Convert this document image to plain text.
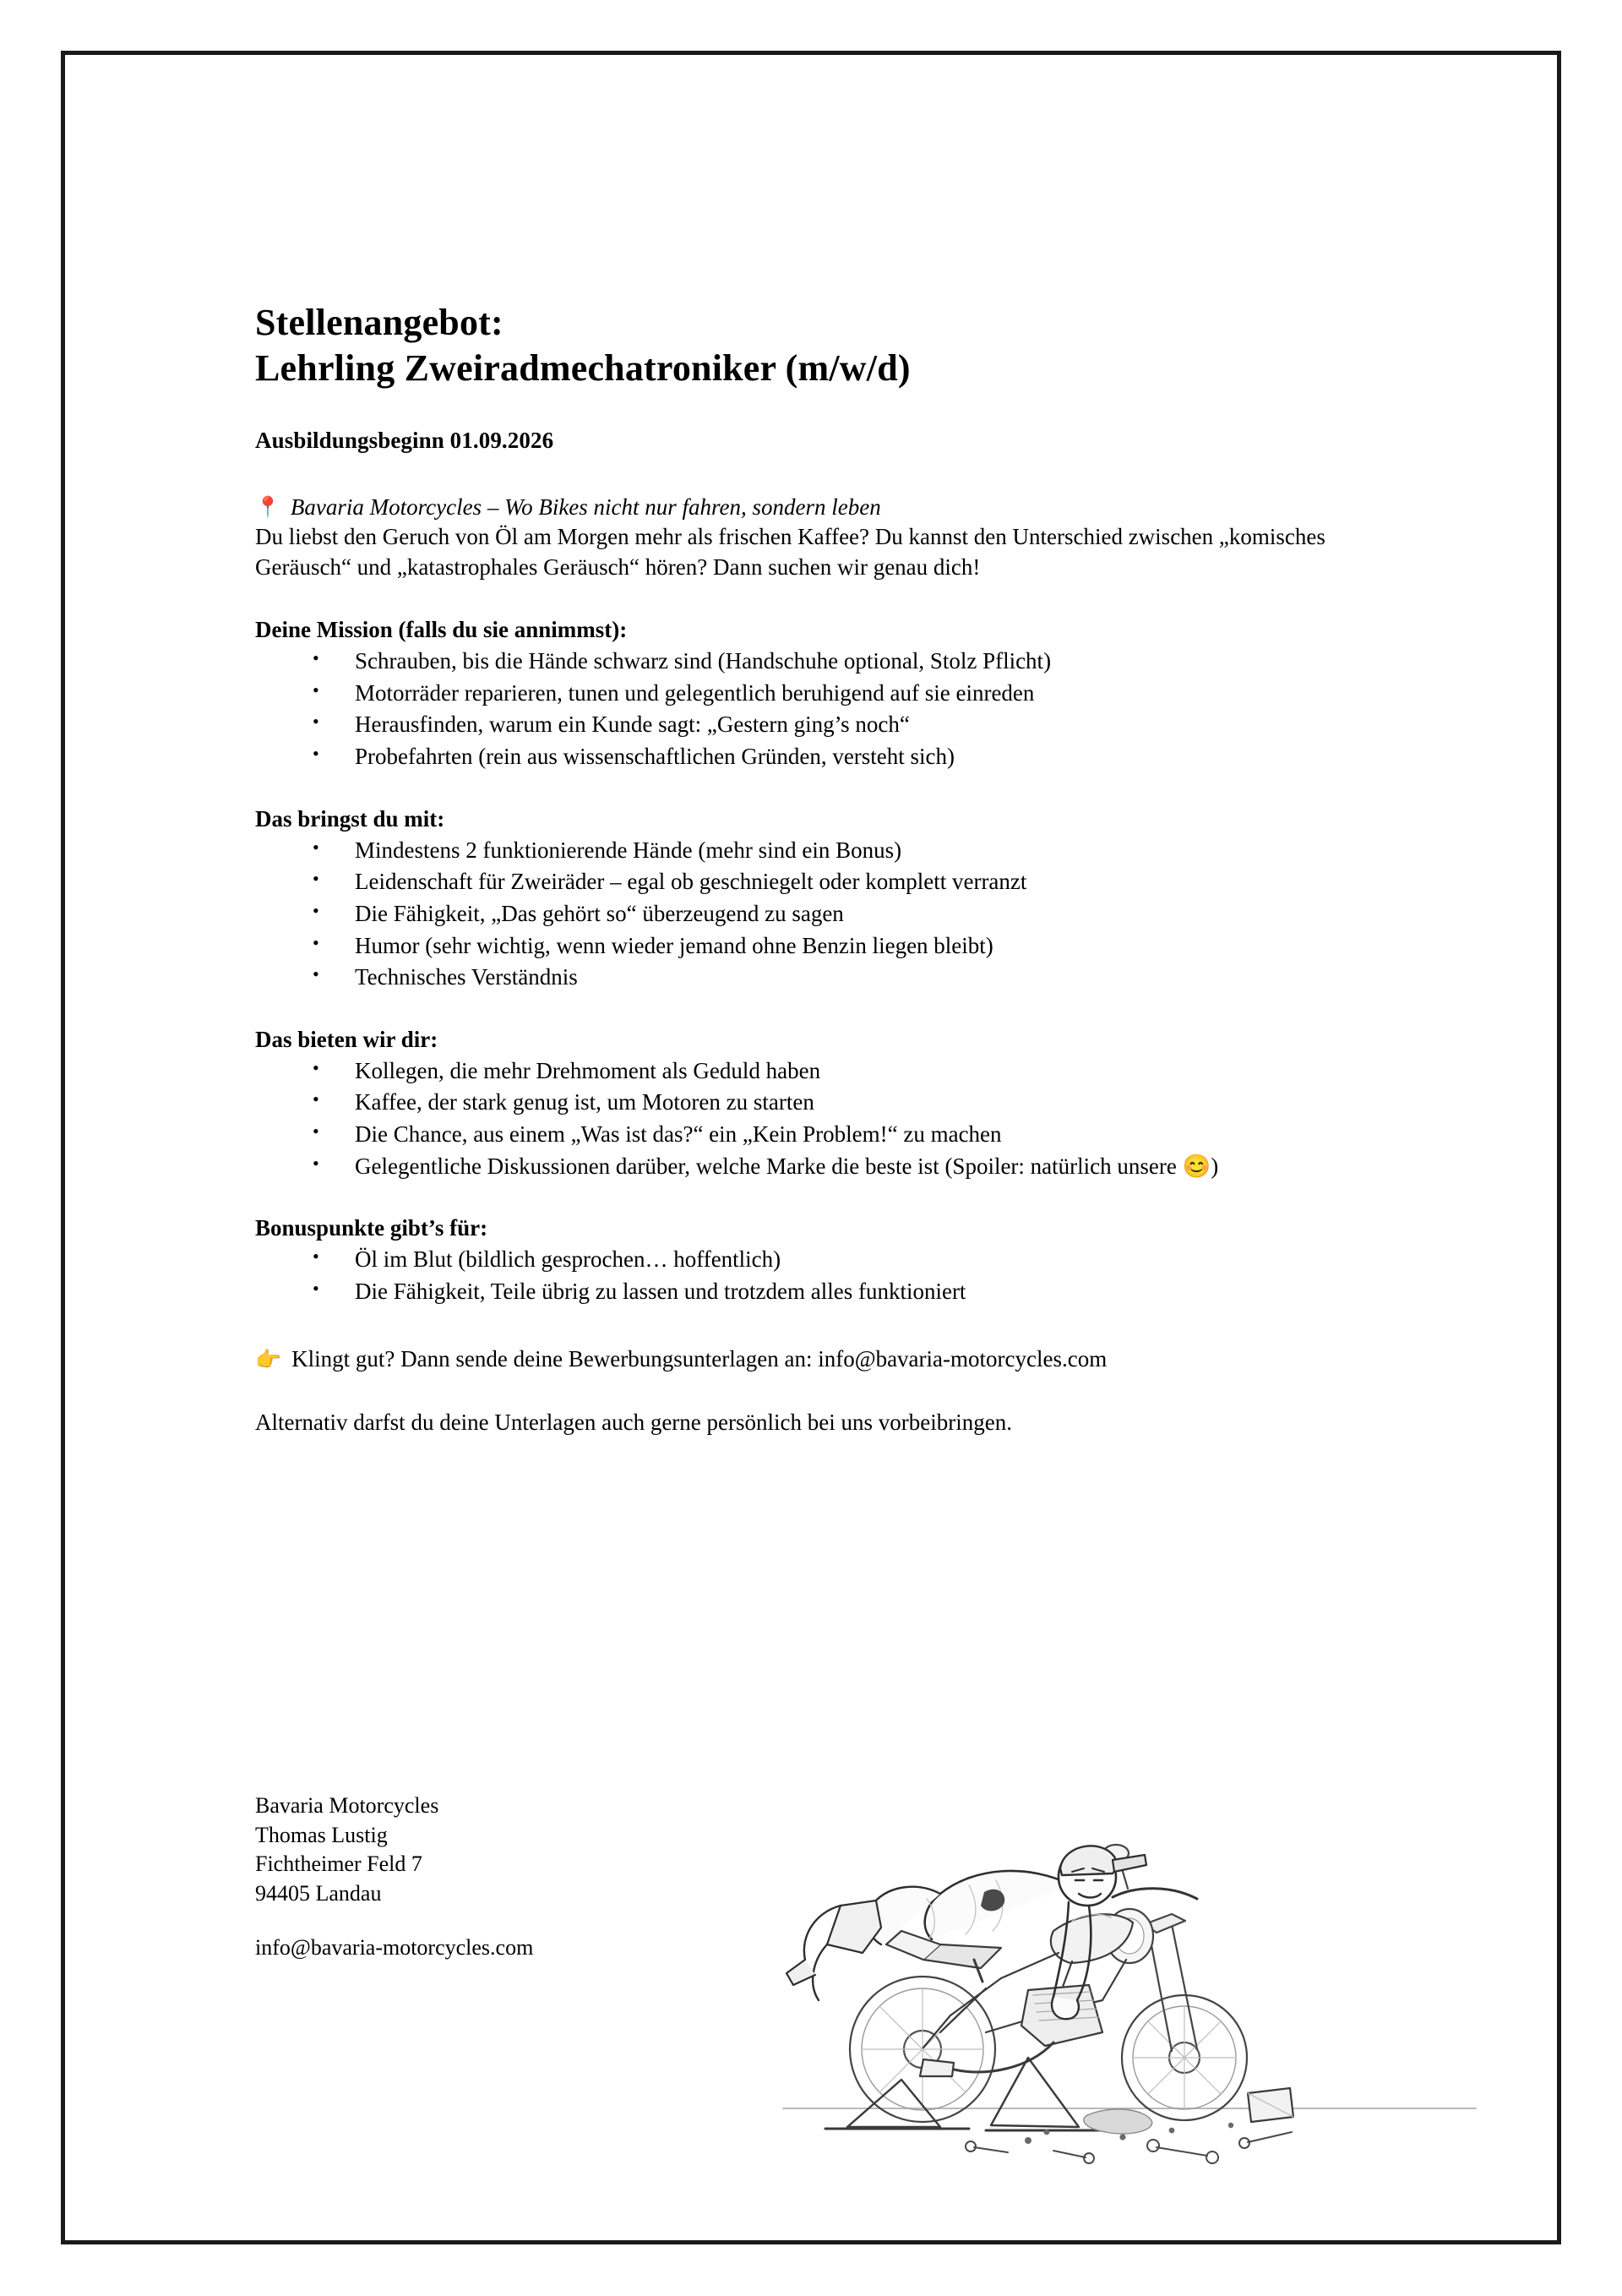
Stellenangebot:
Lehrling Zweiradmechatroniker (m/w/d)
Ausbildungsbeginn 01.09.2026
📍 Bavaria Motorcycles – Wo Bikes nicht nur fahren, sondern leben
Du liebst den Geruch von Öl am Morgen mehr als frischen Kaffee? Du kannst den Unterschied zwischen „komisches Geräusch“ und „katastrophales Geräusch“ hören? Dann suchen wir genau dich!
Deine Mission (falls du sie annimmst):
• Schrauben, bis die Hände schwarz sind (Handschuhe optional, Stolz Pflicht)
• Motorräder reparieren, tunen und gelegentlich beruhigend auf sie einreden
• Herausfinden, warum ein Kunde sagt: „Gestern ging’s noch“
• Probefahrten (rein aus wissenschaftlichen Gründen, versteht sich)
Das bringst du mit:
• Mindestens 2 funktionierende Hände (mehr sind ein Bonus)
• Leidenschaft für Zweiräder – egal ob geschniegelt oder komplett verranzt
• Die Fähigkeit, „Das gehört so“ überzeugend zu sagen
• Humor (sehr wichtig, wenn wieder jemand ohne Benzin liegen bleibt)
• Technisches Verständnis
Das bieten wir dir:
• Kollegen, die mehr Drehmoment als Geduld haben
• Kaffee, der stark genug ist, um Motoren zu starten
• Die Chance, aus einem „Was ist das?“ ein „Kein Problem!“ zu machen
• Gelegentliche Diskussionen darüber, welche Marke die beste ist (Spoiler: natürlich unsere 😊)
Bonuspunkte gibt’s für:
• Öl im Blut (bildlich gesprochen… hoffentlich)
• Die Fähigkeit, Teile übrig zu lassen und trotzdem alles funktioniert
👉 Klingt gut? Dann sende deine Bewerbungsunterlagen an: info@bavaria-motorcycles.com
Alternativ darfst du deine Unterlagen auch gerne persönlich bei uns vorbeibringen.
Bavaria Motorcycles
Thomas Lustig
Fichtheimer Feld 7
94405 Landau
info@bavaria-motorcycles.com
